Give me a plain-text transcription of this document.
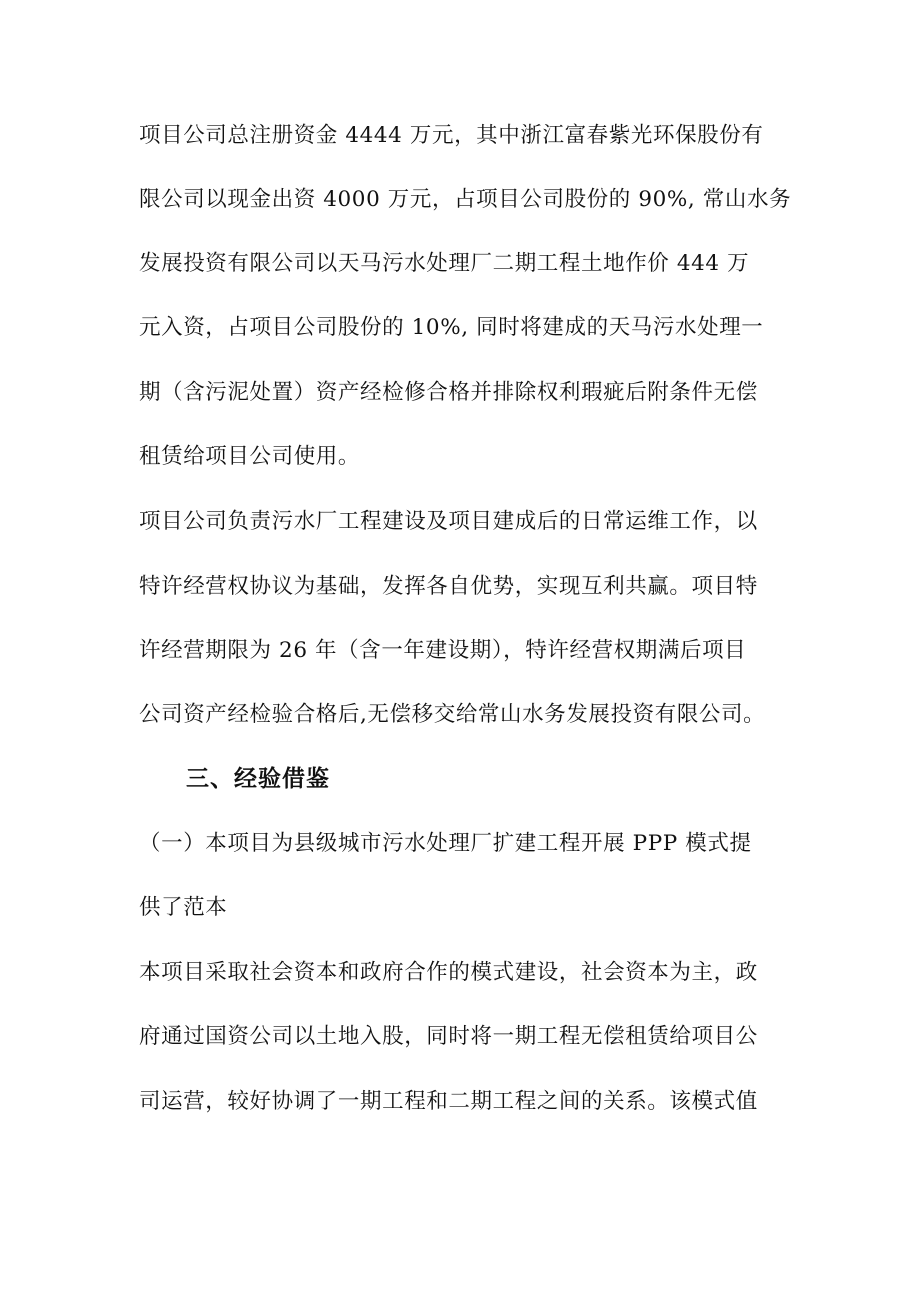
项目公司总注册资金 4444 万元，其中浙江富春紫光环保股份有
限公司以现金出资 4000 万元，占项目公司股份的 90%, 常山水务
发展投资有限公司以天马污水处理厂二期工程土地作价 444 万
元入资，占项目公司股份的 10%, 同时将建成的天马污水处理一
期（含污泥处置）资产经检修合格并排除权利瑕疵后附条件无偿
租赁给项目公司使用。
项目公司负责污水厂工程建设及项目建成后的日常运维工作，以
特许经营权协议为基础，发挥各自优势，实现互利共赢。项目特
许经营期限为 26 年（含一年建设期），特许经营权期满后项目
公司资产经检验合格后,无偿移交给常山水务发展投资有限公司。
三、经验借鉴
（一）本项目为县级城市污水处理厂扩建工程开展 PPP 模式提
供了范本
本项目采取社会资本和政府合作的模式建设，社会资本为主，政
府通过国资公司以土地入股，同时将一期工程无偿租赁给项目公
司运营，较好协调了一期工程和二期工程之间的关系。该模式值
